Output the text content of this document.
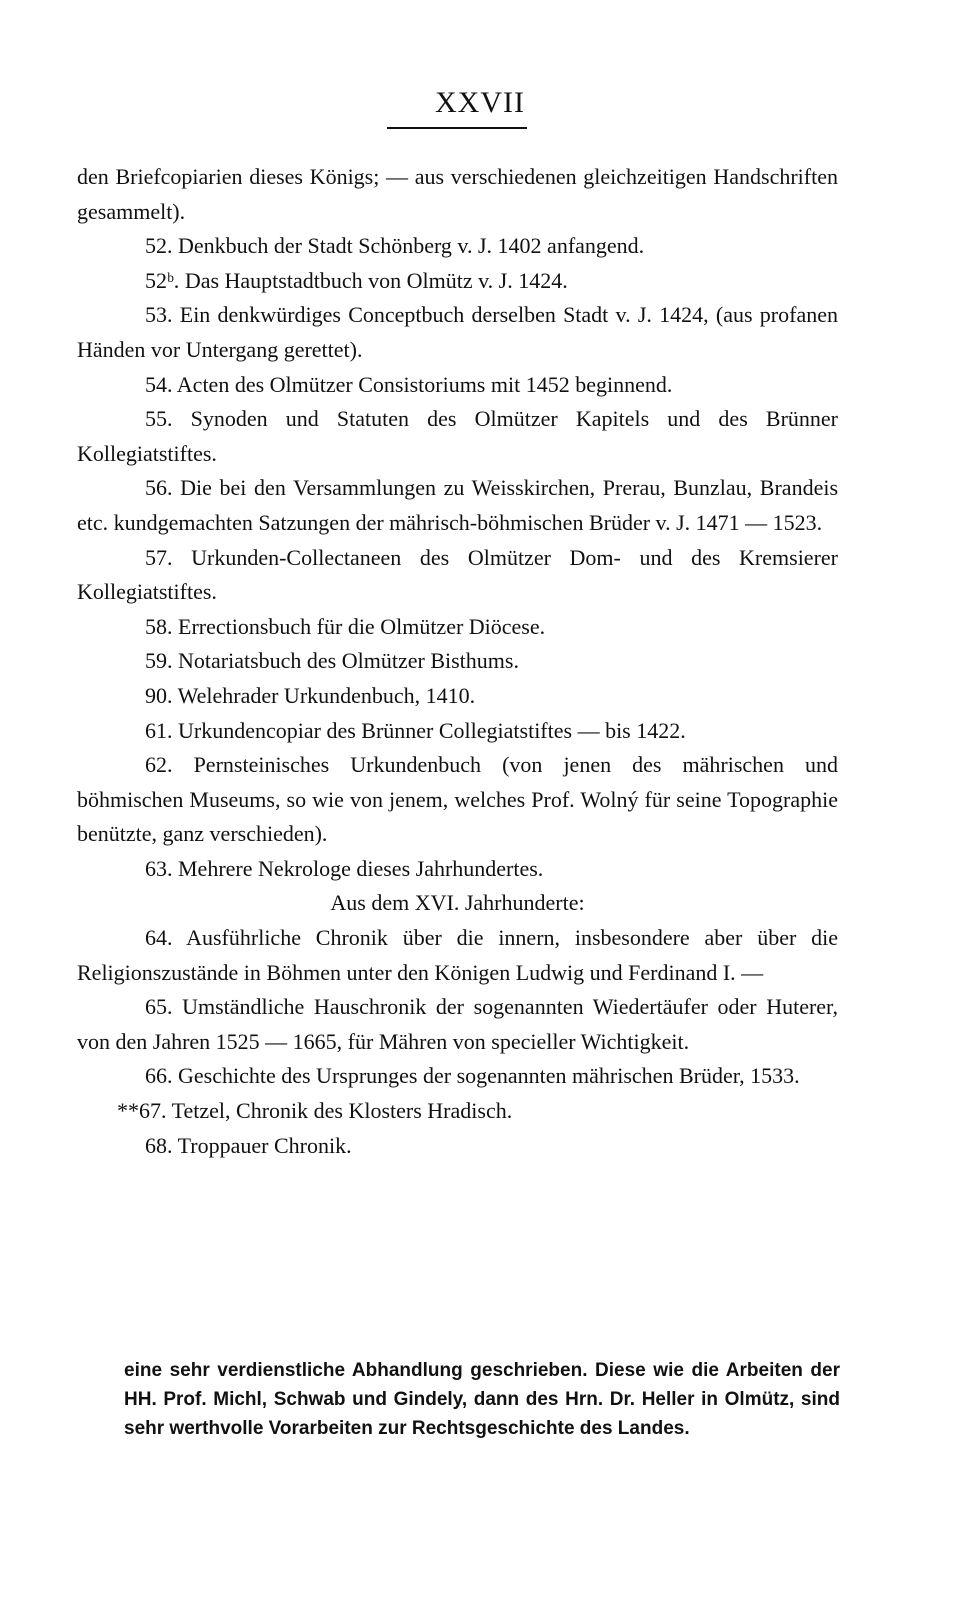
XXVII

den Briefcopiarien dieses Königs; — aus verschiedenen gleichzeitigen Handschriften gesammelt).

52. Denkbuch der Stadt Schönberg v. J. 1402 anfangend.

52ᵇ. Das Hauptstadtbuch von Olmütz v. J. 1424.

53. Ein denkwürdiges Conceptbuch derselben Stadt v. J. 1424, (aus profanen Händen vor Untergang gerettet).

54. Acten des Olmützer Consistoriums mit 1452 beginnend.

55. Synoden und Statuten des Olmützer Kapitels und des Brünner Kollegiatstiftes.

56. Die bei den Versammlungen zu Weisskirchen, Prerau, Bunzlau, Brandeis etc. kundgemachten Satzungen der mährisch-böhmischen Brüder v. J. 1471 — 1523.

57. Urkunden-Collectaneen des Olmützer Dom- und des Kremsierer Kollegiatstiftes.

58. Errectionsbuch für die Olmützer Diöcese.

59. Notariatsbuch des Olmützer Bisthums.

90. Welehrader Urkundenbuch, 1410.

61. Urkundencopiar des Brünner Collegiatstiftes — bis 1422.

62. Pernsteinisches Urkundenbuch (von jenen des mährischen und böhmischen Museums, so wie von jenem, welches Prof. Wolný für seine Topographie benützte, ganz verschieden).

63. Mehrere Nekrologe dieses Jahrhundertes.

Aus dem XVI. Jahrhunderte:

64. Ausführliche Chronik über die innern, insbesondere aber über die Religionszustände in Böhmen unter den Königen Ludwig und Ferdinand I. —

65. Umständliche Hauschronik der sogenannten Wiedertäufer oder Huterer, von den Jahren 1525 — 1665, für Mähren von specieller Wichtigkeit.

66. Geschichte des Ursprunges der sogenannten mährischen Brüder, 1533.

**67. Tetzel, Chronik des Klosters Hradisch.

68. Troppauer Chronik.

eine sehr verdienstliche Abhandlung geschrieben. Diese wie die Arbeiten der HH. Prof. Michl, Schwab und Gindely, dann des Hrn. Dr. Heller in Olmütz, sind sehr werthvolle Vorarbeiten zur Rechtsgeschichte des Landes.
